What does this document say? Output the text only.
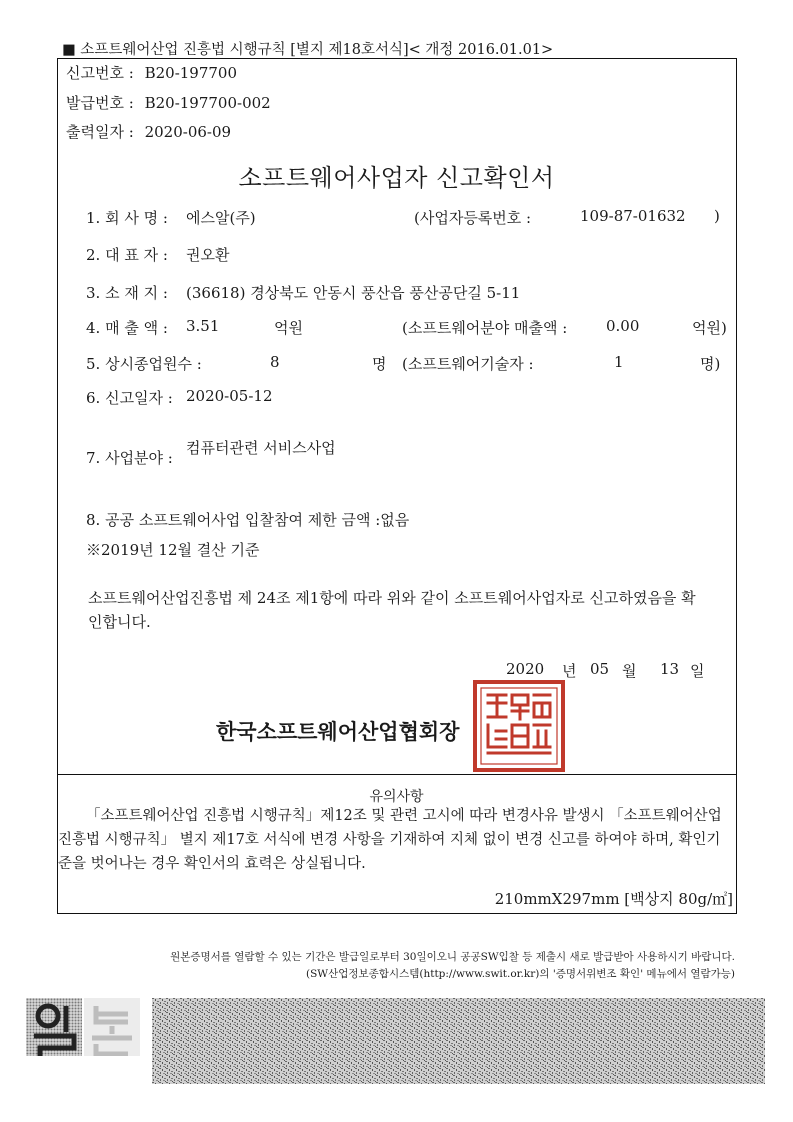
■ 소프트웨어산업 진흥법 시행규칙 [별지 제18호서식]< 개정 2016.01.01>
신고번호 : B20-197700
발급번호 : B20-197700-002
출력일자 : 2020-06-09
소프트웨어사업자 신고확인서
1. 회 사 명 : 에스알(주)	(사업자등록번호 :	109-87-01632 )
2. 대 표 자 : 권오환
3. 소 재 지 : (36618) 경상북도 안동시 풍산읍 풍산공단길 5-11
4. 매 출 액 : 3.51	억원	(소프트웨어분야 매출액 :	0.00	억원)
5. 상시종업원수 :	8	명 (소프트웨어기술자 :	1	명)
6. 신고일자 : 2020-05-12
7. 사업분야 :
컴퓨터관련 서비스사업
8. 공공 소프트웨어사업 입찰참여 제한 금액 :없음
※2019년 12월 결산 기준
소프트웨어산업진흥법 제 24조 제1항에 따라 위와 같이 소프트웨어사업자로 신고하였음을 확인합니다.
2020 년 05 월 13 일
한국소프트웨어산업협회장
유의사항
「소프트웨어산업 진흥법 시행규칙」제12조 및 관련 고시에 따라 변경사유 발생시 「소프트웨어산업 진흥법 시행규칙」 별지 제17호 서식에 변경 사항을 기재하여 지체 없이 변경 신고를 하여야 하며, 확인기준을 벗어나는 경우 확인서의 효력은 상실됩니다.
210mmX297mm [백상지 80g/㎡]
원본증명서를 열람할 수 있는 기간은 발급일로부터 30일이오니 공공SW입찰 등 제출시 새로 발급받아 사용하시기 바랍니다.
(SW산업정보종합시스템(http://www.swit.or.kr)의 '증명서위변조 확인' 메뉴에서 열람가능)
